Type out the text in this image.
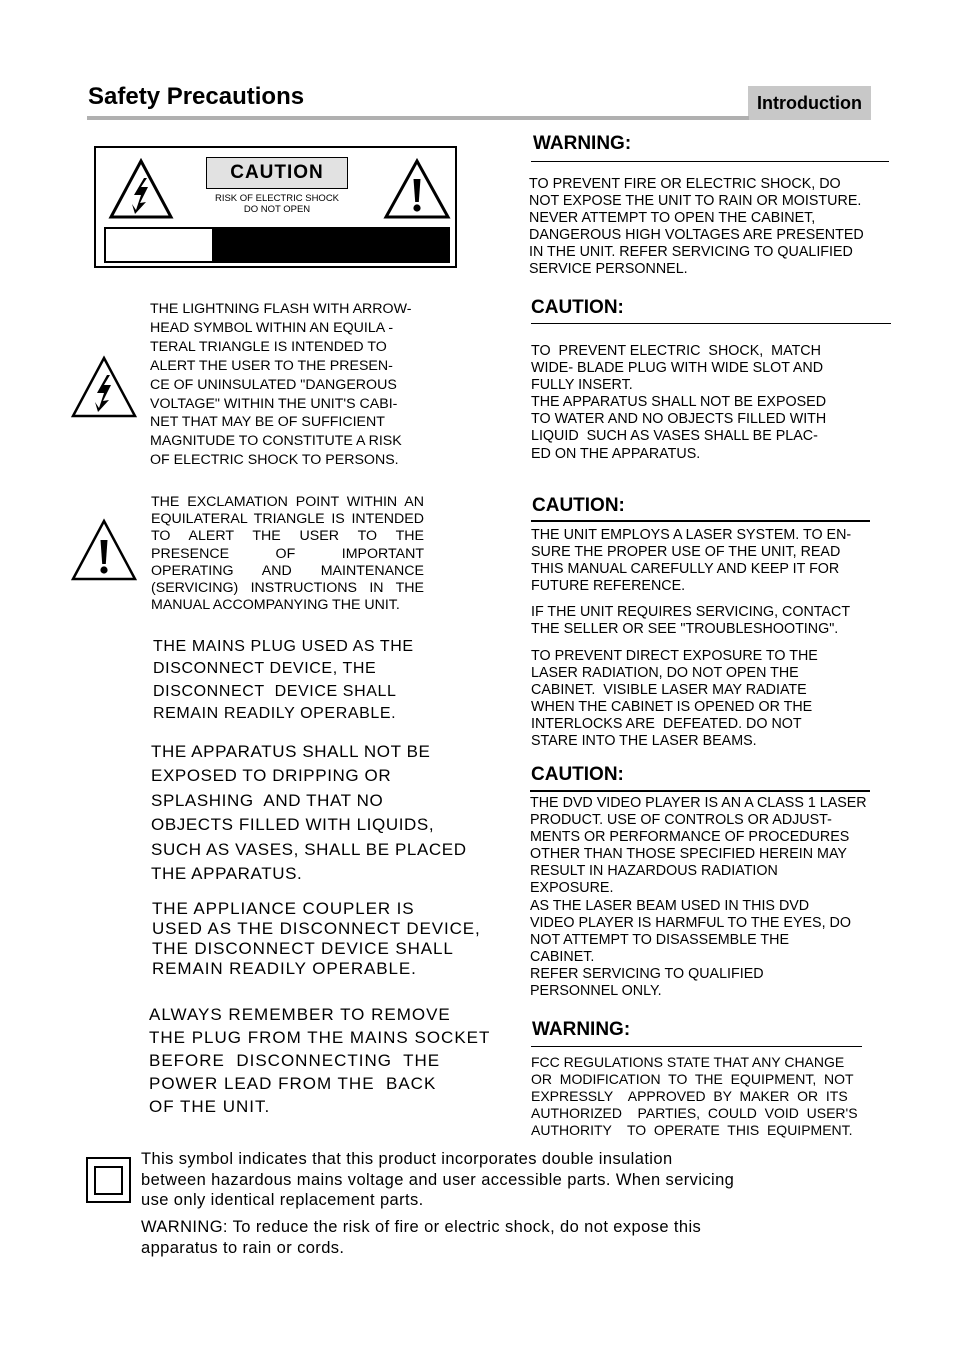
Safety Precautions	Introduction
CAUTION
RISK OF ELECTRIC SHOCK
DO NOT OPEN
THE LIGHTNING FLASH WITH ARROW-
HEAD SYMBOL WITHIN AN EQUILA -
TERAL TRIANGLE IS INTENDED TO
ALERT THE USER TO THE PRESEN-
CE OF UNINSULATED "DANGEROUS
VOLTAGE" WITHIN THE UNIT'S CABI-
NET THAT MAY BE OF SUFFICIENT
MAGNITUDE TO CONSTITUTE A RISK
OF ELECTRIC SHOCK TO PERSONS.
THE EXCLAMATION POINT WITHIN AN EQUILATERAL TRIANGLE IS INTENDED TO ALERT THE USER TO THE PRESENCE OF IMPORTANT OPERATING AND MAINTENANCE (SERVICING) INSTRUCTIONS IN THE MANUAL ACCOMPANYING THE UNIT.
THE MAINS PLUG USED AS THE
DISCONNECT DEVICE, THE
DISCONNECT  DEVICE SHALL
REMAIN READILY OPERABLE.
THE APPARATUS SHALL NOT BE
EXPOSED TO DRIPPING OR
SPLASHING  AND THAT NO
OBJECTS FILLED WITH LIQUIDS,
SUCH AS VASES, SHALL BE PLACED
THE APPARATUS.
THE APPLIANCE COUPLER IS
USED AS THE DISCONNECT DEVICE,
THE DISCONNECT DEVICE SHALL
REMAIN READILY OPERABLE.
ALWAYS REMEMBER TO REMOVE
THE PLUG FROM THE MAINS SOCKET
BEFORE  DISCONNECTING  THE
POWER LEAD FROM THE  BACK
OF THE UNIT.
WARNING:
TO PREVENT FIRE OR ELECTRIC SHOCK, DO
NOT EXPOSE THE UNIT TO RAIN OR MOISTURE.
NEVER ATTEMPT TO OPEN THE CABINET,
DANGEROUS HIGH VOLTAGES ARE PRESENTED
IN THE UNIT. REFER SERVICING TO QUALIFIED
SERVICE PERSONNEL.
CAUTION:
TO  PREVENT ELECTRIC  SHOCK,  MATCH
WIDE- BLADE PLUG WITH WIDE SLOT AND
FULLY INSERT.
THE APPARATUS SHALL NOT BE EXPOSED
TO WATER AND NO OBJECTS FILLED WITH
LIQUID  SUCH AS VASES SHALL BE PLAC-
ED ON THE APPARATUS.
CAUTION:
THE UNIT EMPLOYS A LASER SYSTEM. TO EN-
SURE THE PROPER USE OF THE UNIT, READ
THIS MANUAL CAREFULLY AND KEEP IT FOR
FUTURE REFERENCE.
IF THE UNIT REQUIRES SERVICING, CONTACT
THE SELLER OR SEE "TROUBLESHOOTING".
TO PREVENT DIRECT EXPOSURE TO THE
LASER RADIATION, DO NOT OPEN THE
CABINET.  VISIBLE LASER MAY RADIATE
WHEN THE CABINET IS OPENED OR THE
INTERLOCKS ARE  DEFEATED. DO NOT
STARE INTO THE LASER BEAMS.
CAUTION:
THE DVD VIDEO PLAYER IS AN A CLASS 1 LASER
PRODUCT. USE OF CONTROLS OR ADJUST-
MENTS OR PERFORMANCE OF PROCEDURES
OTHER THAN THOSE SPECIFIED HEREIN MAY
RESULT IN HAZARDOUS RADIATION
EXPOSURE.
AS THE LASER BEAM USED IN THIS DVD
VIDEO PLAYER IS HARMFUL TO THE EYES, DO
NOT ATTEMPT TO DISASSEMBLE THE
CABINET.
REFER SERVICING TO QUALIFIED
PERSONNEL ONLY.
WARNING:
FCC REGULATIONS STATE THAT ANY CHANGE
OR  MODIFICATION  TO  THE  EQUIPMENT,  NOT
EXPRESSLY    APPROVED  BY  MAKER  OR  ITS
AUTHORIZED    PARTIES,  COULD  VOID  USER'S
AUTHORITY    TO  OPERATE  THIS  EQUIPMENT.
This symbol indicates that this product incorporates double insulation
between hazardous mains voltage and user accessible parts. When servicing
use only identical replacement parts.
WARNING: To reduce the risk of fire or electric shock, do not expose this
apparatus to rain or cords.
